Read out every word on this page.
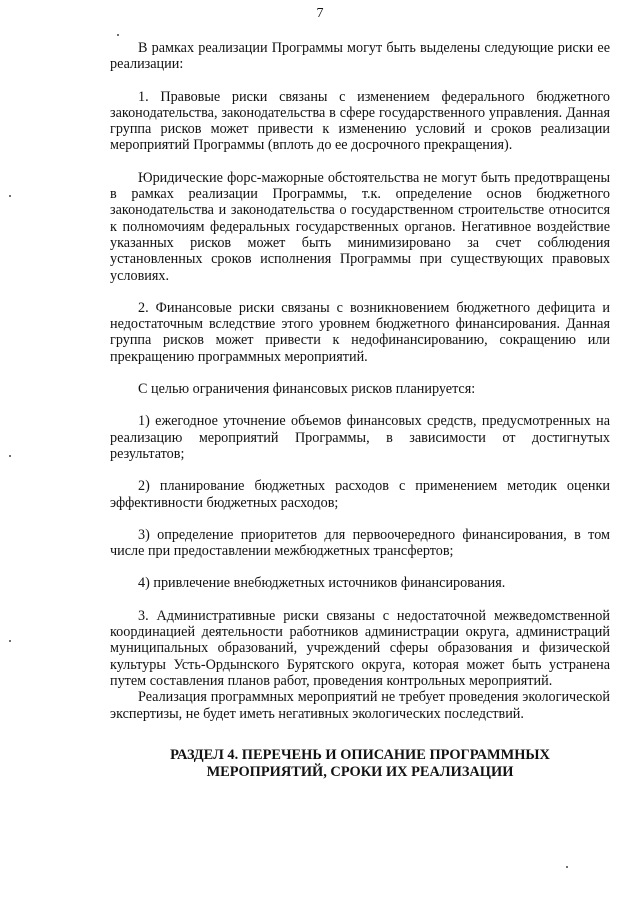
7

В рамках реализации Программы могут быть выделены следующие риски ее реализации:

1. Правовые риски связаны с изменением федерального бюджетного законодательства, законодательства в сфере государственного управления. Данная группа рисков может привести к изменению условий и сроков реализации мероприятий Программы (вплоть до ее досрочного прекращения).

Юридические форс-мажорные обстоятельства не могут быть предотвращены в рамках реализации Программы, т.к. определение основ бюджетного законодательства и законодательства о государственном строительстве относится к полномочиям федеральных государственных органов. Негативное воздействие указанных рисков может быть минимизировано за счет соблюдения установленных сроков исполнения Программы при существующих правовых условиях.

2. Финансовые риски связаны с возникновением бюджетного дефицита и недостаточным вследствие этого уровнем бюджетного финансирования. Данная группа рисков может привести к недофинансированию, сокращению или прекращению программных мероприятий.

С целью ограничения финансовых рисков планируется:

1) ежегодное уточнение объемов финансовых средств, предусмотренных на реализацию мероприятий Программы, в зависимости от достигнутых результатов;

2) планирование бюджетных расходов с применением методик оценки эффективности бюджетных расходов;

3) определение приоритетов для первоочередного финансирования, в том числе при предоставлении межбюджетных трансфертов;

4) привлечение внебюджетных источников финансирования.

3. Административные риски связаны с недостаточной межведомственной координацией деятельности работников администрации округа, администраций муниципальных образований, учреждений сферы образования и физической культуры Усть-Ордынского Бурятского округа, которая может быть устранена путем составления планов работ, проведения контрольных мероприятий.

Реализация программных мероприятий не требует проведения экологической экспертизы, не будет иметь негативных экологических последствий.

РАЗДЕЛ 4. ПЕРЕЧЕНЬ И ОПИСАНИЕ ПРОГРАММНЫХ
МЕРОПРИЯТИЙ, СРОКИ ИХ РЕАЛИЗАЦИИ
